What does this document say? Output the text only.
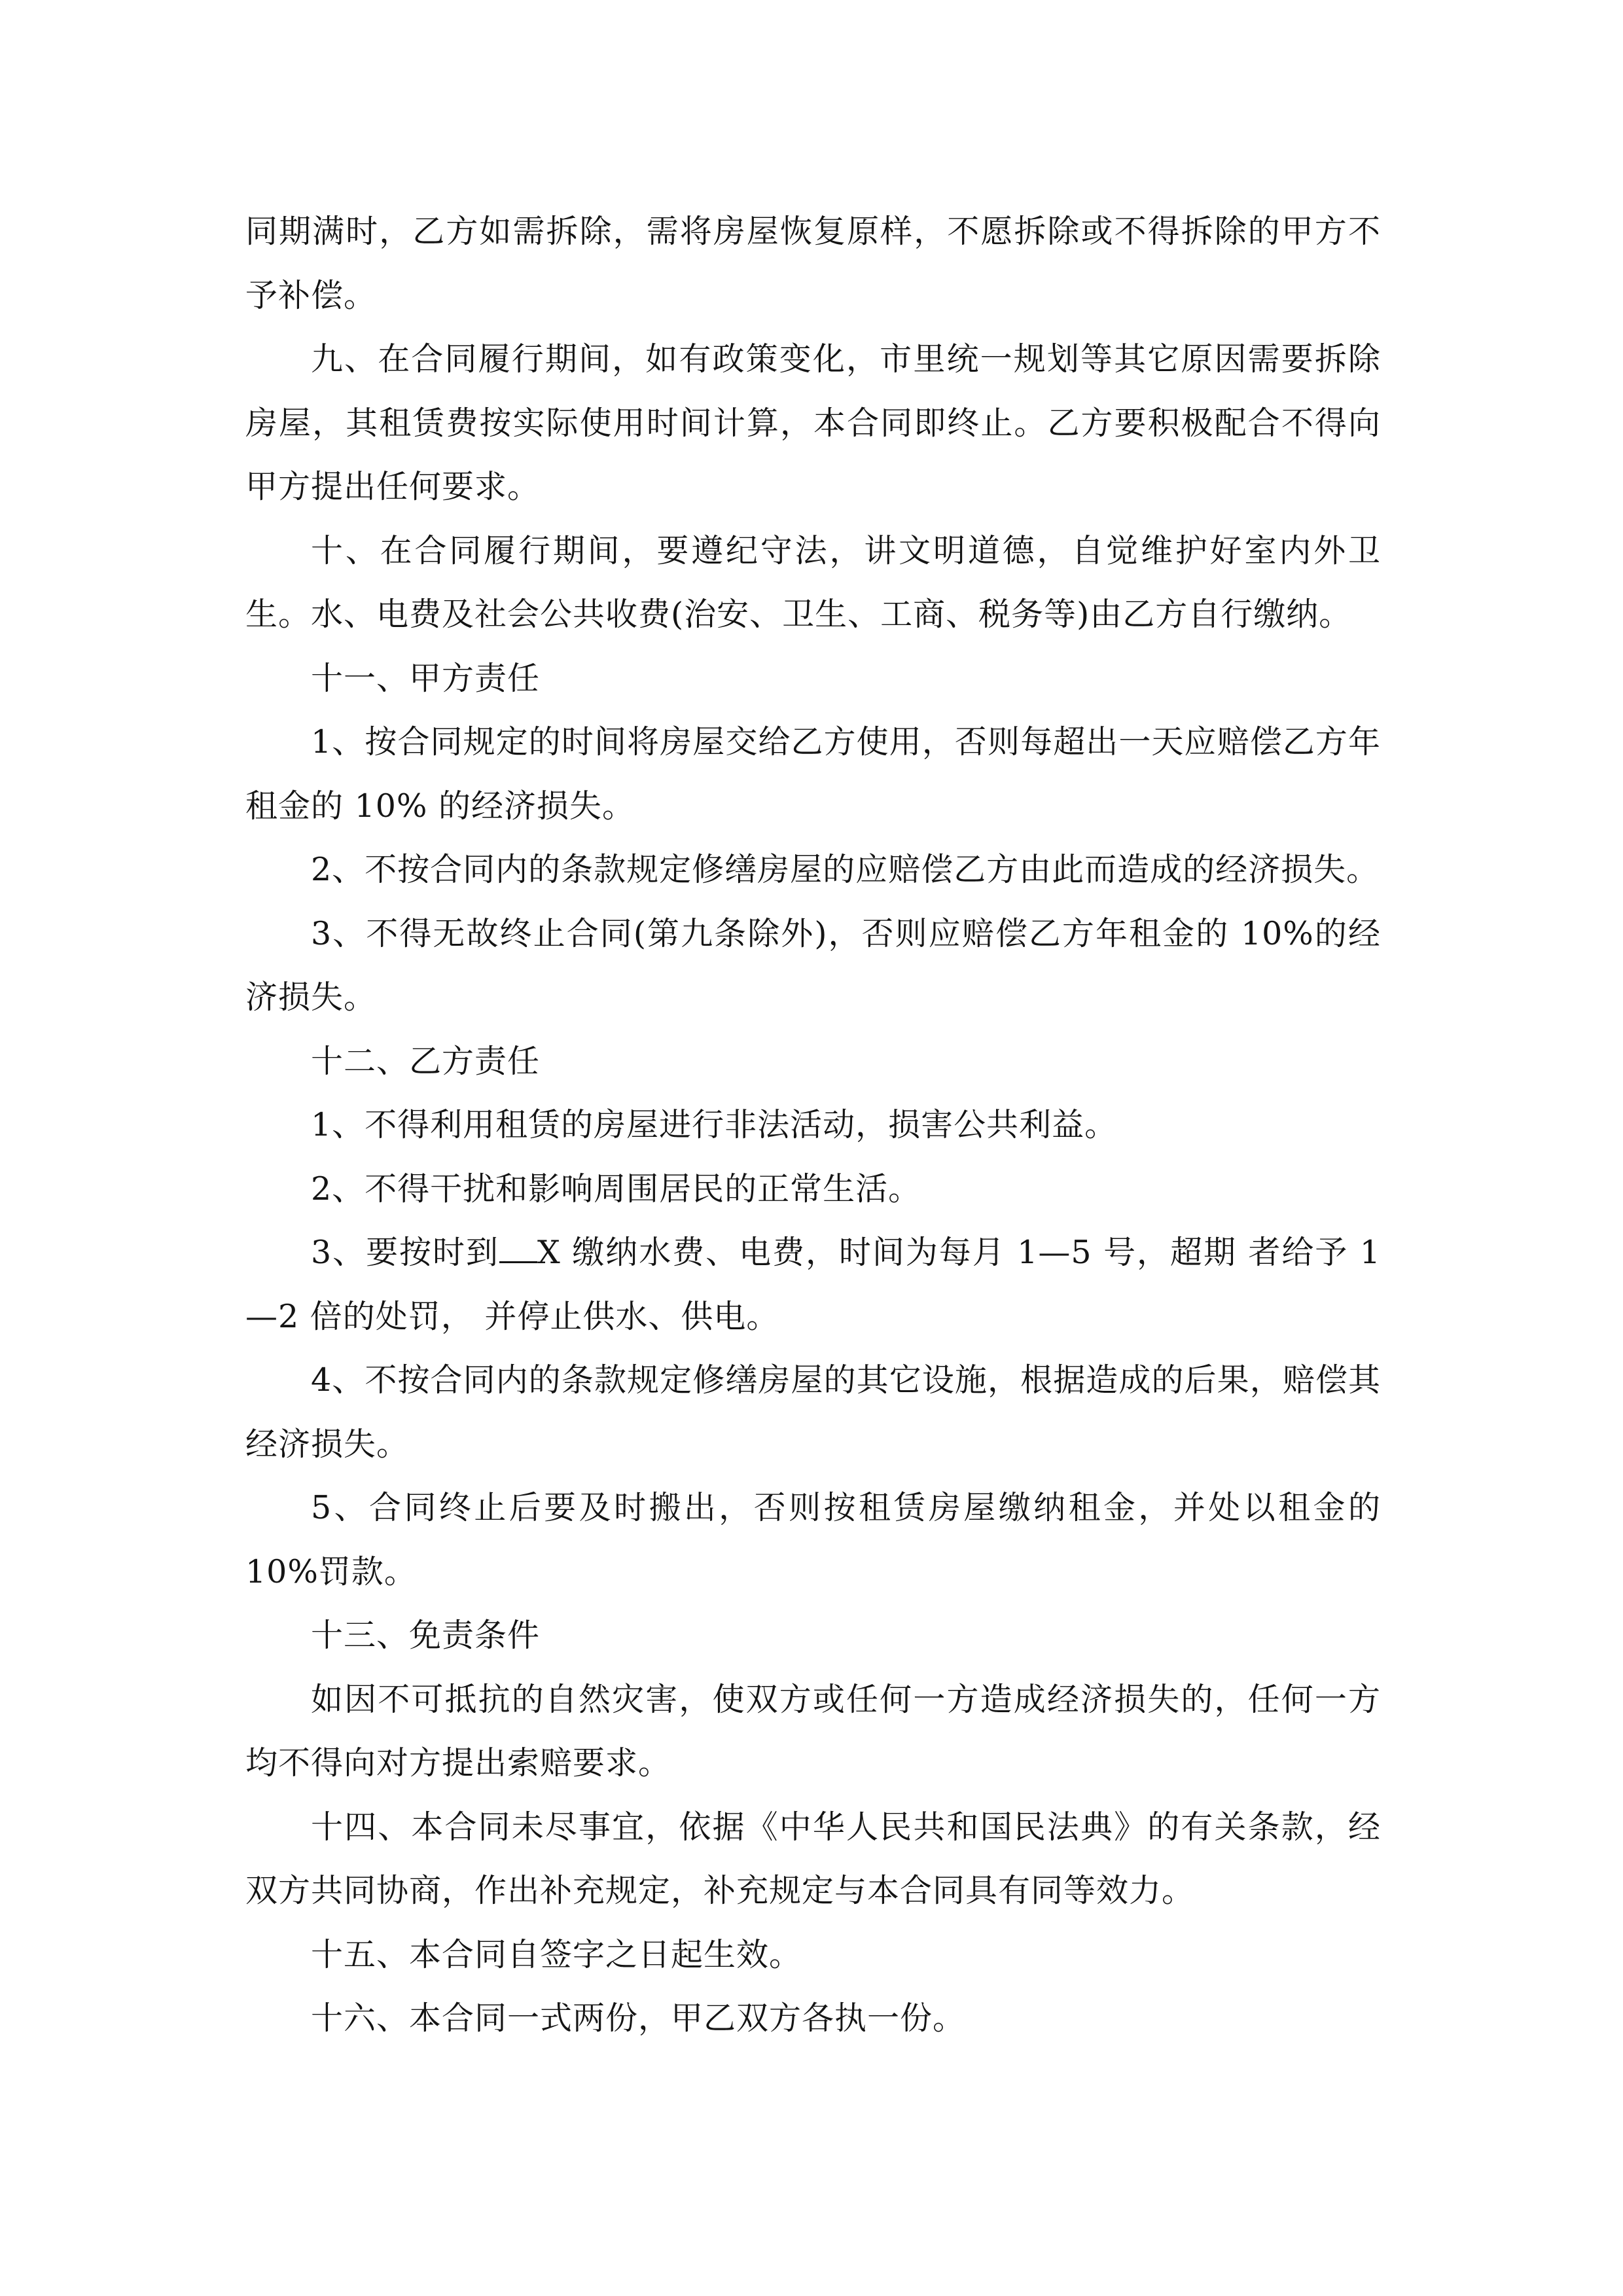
同期满时，乙方如需拆除，需将房屋恢复原样，不愿拆除或不得拆除的甲方不予补偿。

九、在合同履行期间，如有政策变化，市里统一规划等其它原因需要拆除房屋，其租赁费按实际使用时间计算，本合同即终止。乙方要积极配合不得向甲方提出任何要求。

十、在合同履行期间，要遵纪守法，讲文明道德，自觉维护好室内外卫生。水、电费及社会公共收费(治安、卫生、工商、税务等)由乙方自行缴纳。

十一、甲方责任

1、按合同规定的时间将房屋交给乙方使用，否则每超出一天应赔偿乙方年租金的 10% 的经济损失。

2、不按合同内的条款规定修缮房屋的应赔偿乙方由此而造成的经济损失。

3、不得无故终止合同(第九条除外)，否则应赔偿乙方年租金的 10%的经济损失。

十二、乙方责任

1、不得利用租赁的房屋进行非法活动，损害公共利益。

2、不得干扰和影响周围居民的正常生活。

3、要按时到 X 缴纳水费、电费，时间为每月 1—5 号，超期 者给予 1—2 倍的处罚， 并停止供水、供电。

4、不按合同内的条款规定修缮房屋的其它设施，根据造成的后果，赔偿其经济损失。

5、合同终止后要及时搬出，否则按租赁房屋缴纳租金，并处以租金的 10%罚款。

十三、免责条件

如因不可抵抗的自然灾害，使双方或任何一方造成经济损失的，任何一方均不得向对方提出索赔要求。

十四、本合同未尽事宜，依据《中华人民共和国民法典》的有关条款，经双方共同协商，作出补充规定，补充规定与本合同具有同等效力。

十五、本合同自签字之日起生效。

十六、本合同一式两份，甲乙双方各执一份。
